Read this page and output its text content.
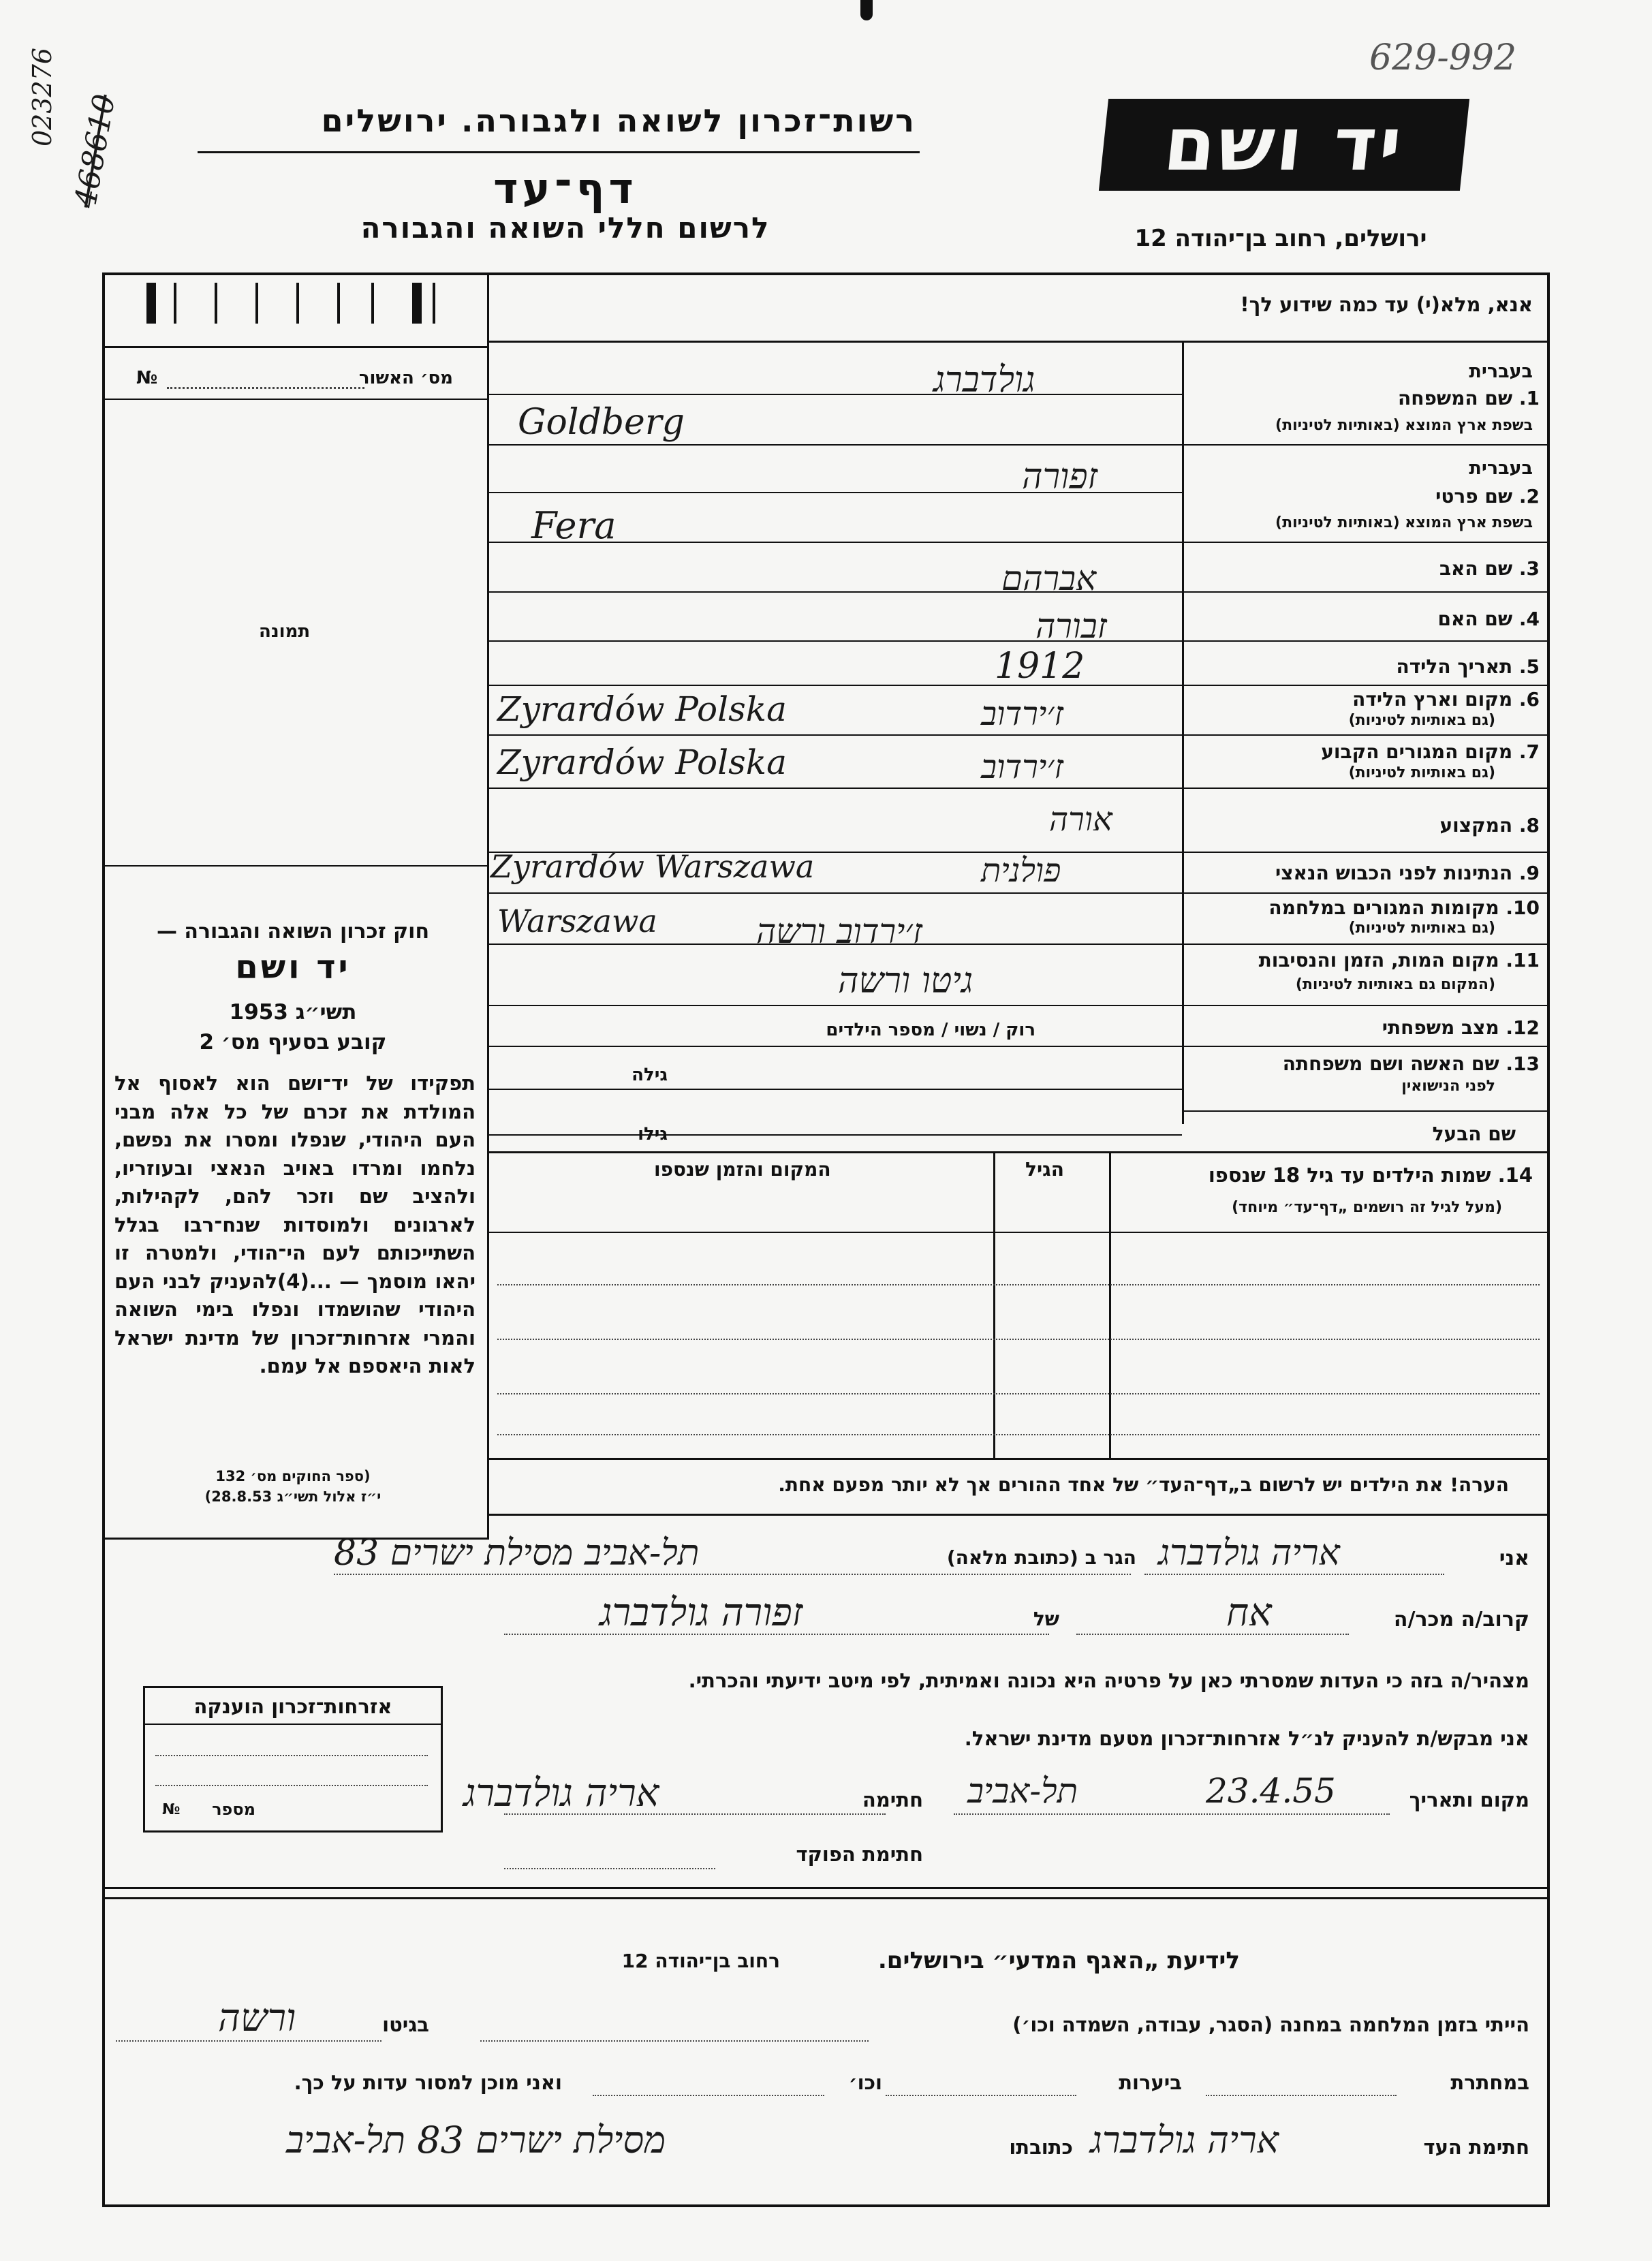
023276 468610
629-992
רשות־זכרון לשואה ולגבורה. ירושלים
דף־עד
לרשום חללי השואה והגבורה
יד ושם
ירושלים, רחוב בן־יהודה 12
מס׳ האשור
№
תמונה
חוק זכרון השואה והגבורה —
יד ושם
תשי״ג 1953
קובע בסעיף מס׳ 2
תפקידו של יד־ושם הוא לאסוף אל המולדת את זכרם של כל אלה מבני העם היהודי, שנפלו ומסרו את נפשם, נלחמו ומרדו באויב הנאצי ובעוזריו, ולהציב שם וזכר להם, לקהילות, לארגונים ולמוסדות שנח־רבו בגלל השתייכותם לעם הי־הודי, ולמטרה זו יהאו מוסמך — ...(4)להעניק לבני העם היהודי שהושמדו ונפלו בימי השואה והמרי אזרחות־זכרון של מדינת ישראל לאות היאספם אל עמם.
(ספר החוקים מס׳ 132
י״ז אלול תשי״ג 28.8.53)
אזרחות־זכרון הוענקה
מספר
№
אנא, מלא(י) עד כמה שידוע לך!
בעברית
1. שם המשפחה
בשפת ארץ המוצא (באותיות לטיניות)
בעברית
2. שם פרטי
בשפת ארץ המוצא (באותיות לטיניות)
3. שם האב
4. שם האם
5. תאריך הלידה
6. מקום וארץ הלידה
(גם באותיות לטיניות)
7. מקום המגורים הקבוע
(גם באותיות לטיניות)
8. המקצוע
9. הנתינות לפני הכבוש הנאצי
10. מקומות המגורים במלחמה
(גם באותיות לטיניות)
11. מקום המות, הזמן והנסיבות
(המקום גם באותיות לטיניות)
12. מצב משפחתי
13. שם האשה ושם משפחתה
לפני הנישואין
שם הבעל
רוק / נשוי / מספר הילדים
גילה
גילו
גולדברג
Goldberg
זפורה
Fera
אברהם
זבורה
1912
ז׳ירדוב
Zyrardów Polska
ז׳ירדוב
Zyrardów Polska
אורה
פולנית
Zyrardów Warszawa
Warszawa	ז׳ירדוב ורשה
גיטו ורשה
14. שמות הילדים עד גיל 18 שנספו
(מעל לגיל זה רושמים „דף־עד״ מיוחד)
הגיל
המקום והזמן שנספו
הערה! את הילדים יש לרשום ב„דף־העד״ של אחד ההורים אך לא יותר מפעם אחת.
אני
אריה גולדברג
הגר ב (כתובת מלאה)
תל-אביב מסילת ישרים 83
קרוב/ה מכר/ה
אח
של
זפורה גולדברג
מצהיר/ה בזה כי העדות שמסרתי כאן על פרטיה היא נכונה ואמיתית, לפי מיטב ידיעתי והכרתי.
אני מבקש/ת להעניק לנ״ל אזרחות־זכרון מטעם מדינת ישראל.
מקום ותאריך
תל-אביב	23.4.55
חתימה
אריה גולדברג
חתימת הפוקד
לידיעת „האגף המדעי״ בירושלים.
רחוב בן־יהודה 12
הייתי בזמן המלחמה במחנה (הסגר, עבודה, השמדה וכו׳)
בגיטו
ורשה
במחתרת
ביערות
וכו׳
ואני מוכן למסור עדות על כך.
חתימת העד
אריה גולדברג
כתובתו
מסילת ישרים 83 תל-אביב
